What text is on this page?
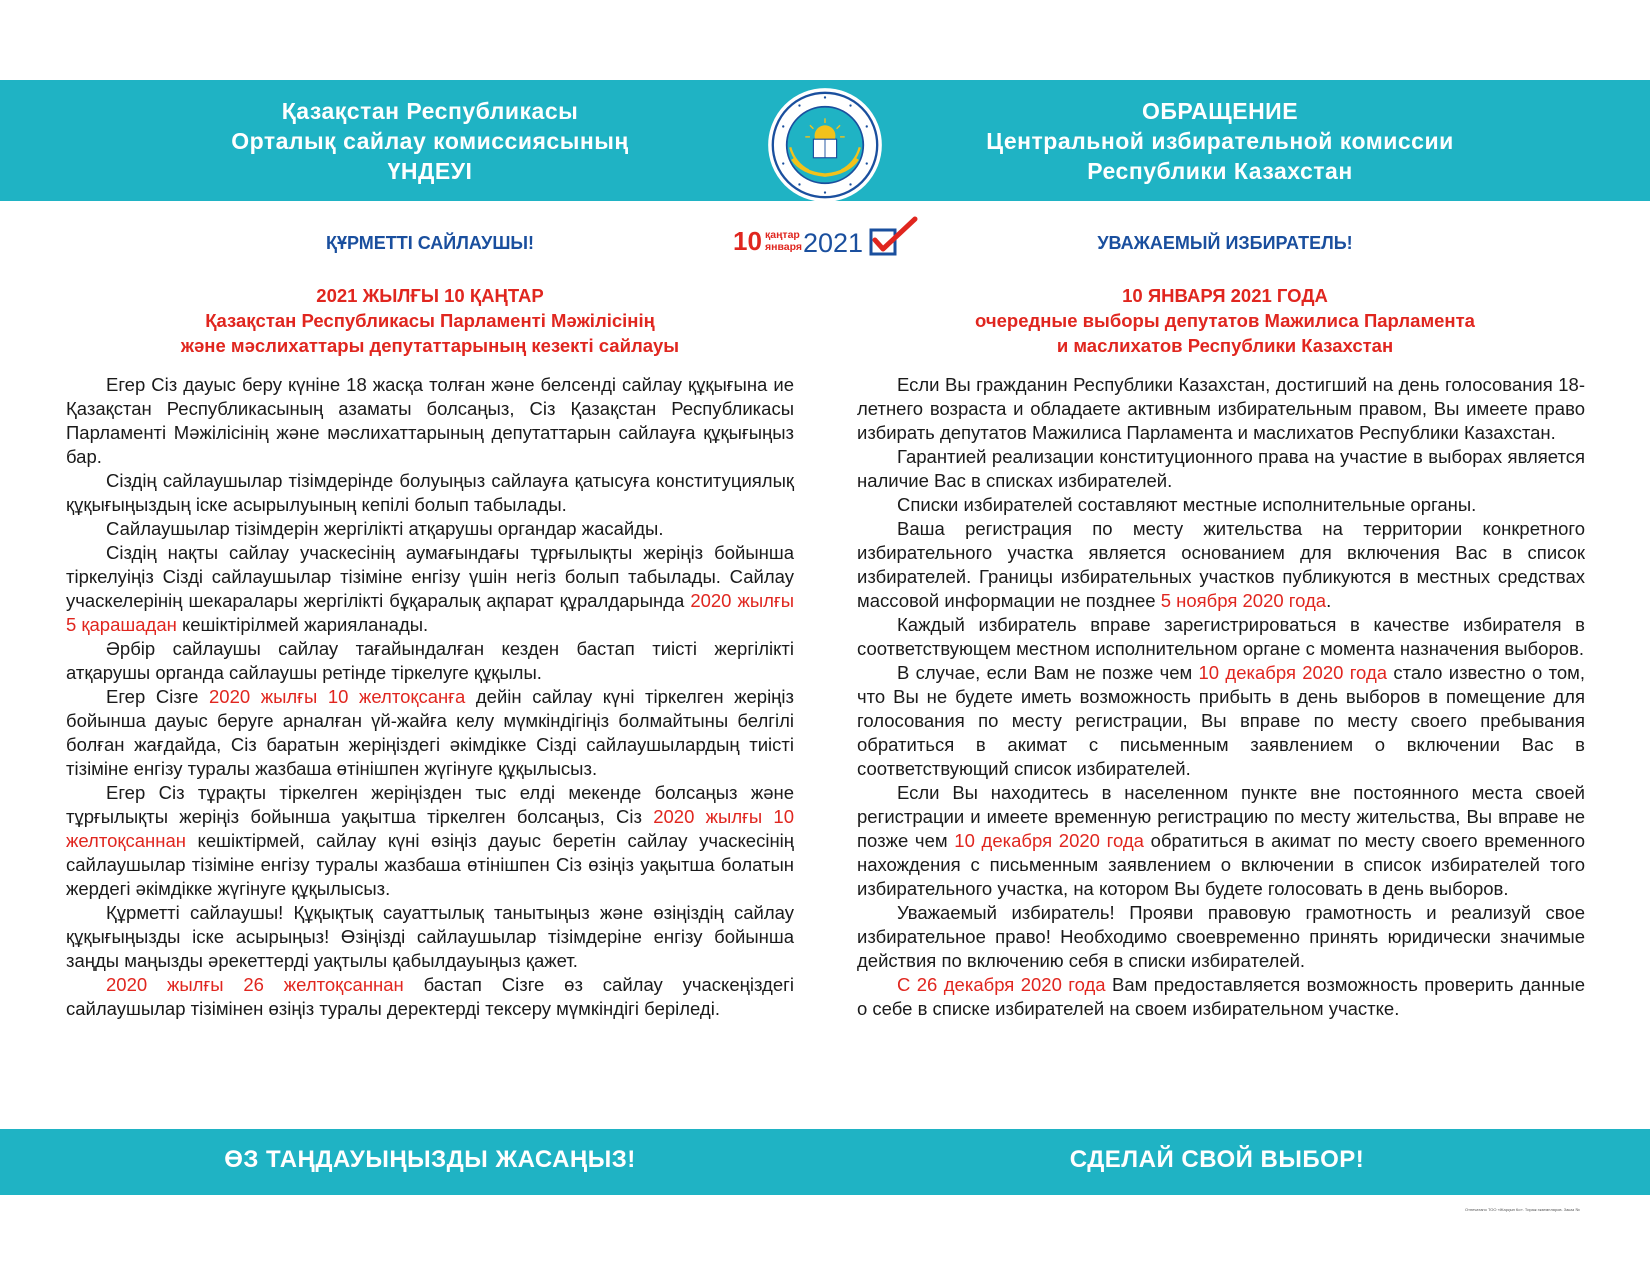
Қазақстан Республикасы
Орталық сайлау комиссиясының
ҮНДЕУІ
ОБРАЩЕНИЕ
Центральной избирательной комиссии
Республики Казахстан
ҚҰРМЕТТІ САЙЛАУШЫ!	УВАЖАЕМЫЙ ИЗБИРАТЕЛЬ!
10 қаңтар
января 2021
2021 ЖЫЛҒЫ 10 ҚАҢТАР
Қазақстан Республикасы Парламенті Мәжілісінің
және мәслихаттары депутаттарының кезекті сайлауы
10 ЯНВАРЯ 2021 ГОДА
очередные выборы депутатов Мажилиса Парламента
и маслихатов Республики Казахстан

Егер Сіз дауыс беру күніне 18 жасқа толған және белсенді сайлау құқығына ие Қазақстан Республикасының азаматы болсаңыз, Сіз Қазақстан Республикасы Парламенті Мәжілісінің және мәслихаттарының депутаттарын сайлауға құқығыңыз бар.

Сіздің сайлаушылар тізімдерінде болуыңыз сайлауға қатысуға конституциялық құқығыңыздың іске асырылуының кепілі болып табылады.

Сайлаушылар тізімдерін жергілікті атқарушы органдар жасайды.

Сіздің нақты сайлау учаскесінің аумағындағы тұрғылықты жеріңіз бойынша тіркелуіңіз Сізді сайлаушылар тізіміне енгізу үшін негіз болып табылады. Сайлау учаскелерінің шекаралары жергілікті бұқаралық ақпарат құралдарында 2020 жылғы 5 қарашадан кешіктірілмей жарияланады.

Әрбір сайлаушы сайлау тағайындалған кезден бастап тиісті жергілікті атқарушы органда сайлаушы ретінде тіркелуге құқылы.

Егер Сізге 2020 жылғы 10 желтоқсанға дейін сайлау күні тіркелген жеріңіз бойынша дауыс беруге арналған үй-жайға келу мүмкіндігіңіз болмайтыны белгілі болған жағдайда, Сіз баратын жеріңіздегі әкімдікке Сізді сайлаушылардың тиісті тізіміне енгізу туралы жазбаша өтінішпен жүгінуге құқылысыз.

Егер Сіз тұрақты тіркелген жеріңізден тыс елді мекенде болсаңыз және тұрғылықты жеріңіз бойынша уақытша тіркелген болсаңыз, Сіз 2020 жылғы 10 желтоқсаннан кешіктірмей, сайлау күні өзіңіз дауыс беретін сайлау учаскесінің сайлаушылар тізіміне енгізу туралы жазбаша өтінішпен Сіз өзіңіз уақытша болатын жердегі әкімдікке жүгінуге құқылысыз.

Құрметті сайлаушы! Құқықтық сауаттылық танытыңыз және өзіңіздің сайлау құқығыңызды іске асырыңыз! Өзіңізді сайлаушылар тізімдеріне енгізу бойынша заңды маңызды әрекеттерді уақтылы қабылдауыңыз қажет.

2020 жылғы 26 желтоқсаннан бастап Сізге өз сайлау учаскеңіздегі сайлаушылар тізімінен өзіңіз туралы деректерді тексеру мүмкіндігі беріледі.

Если Вы гражданин Республики Казахстан, достигший на день голосования 18-летнего возраста и обладаете активным избирательным правом, Вы имеете право избирать депутатов Мажилиса Парламента и маслихатов Республики Казахстан.

Гарантией реализации конституционного права на участие в выборах является наличие Вас в списках избирателей.

Списки избирателей составляют местные исполнительные органы.

Ваша регистрация по месту жительства на территории конкретного избирательного участка является основанием для включения Вас в список избирателей. Границы избирательных участков публикуются в местных средствах массовой информации не позднее 5 ноября 2020 года.

Каждый избиратель вправе зарегистрироваться в качестве избирателя в соответствующем местном исполнительном органе с момента назначения выборов.

В случае, если Вам не позже чем 10 декабря 2020 года стало известно о том, что Вы не будете иметь возможность прибыть в день выборов в помещение для голосования по месту регистрации, Вы вправе по месту своего пребывания обратиться в акимат с письменным заявлением о включении Вас в соответствующий список избирателей.

Если Вы находитесь в населенном пункте вне постоянного места своей регистрации и имеете временную регистрацию по месту жительства, Вы вправе не позже чем 10 декабря 2020 года обратиться в акимат по месту своего временного нахождения с письменным заявлением о включении в список избирателей того избирательного участка, на котором Вы будете голосовать в день выборов.

Уважаемый избиратель! Прояви правовую грамотность и реализуй свое избирательное право! Необходимо своевременно принять юридически значимые действия по включению себя в списки избирателей.

С 26 декабря 2020 года Вам предоставляется возможность проверить данные о себе в списке избирателей на своем избирательном участке.

ӨЗ ТАҢДАУЫҢЫЗДЫ ЖАСАҢЫЗ!	СДЕЛАЙ СВОЙ ВЫБОР!
Отпечатано ТОО «Жарқын Ко». Тираж экземпляров. Заказ №
